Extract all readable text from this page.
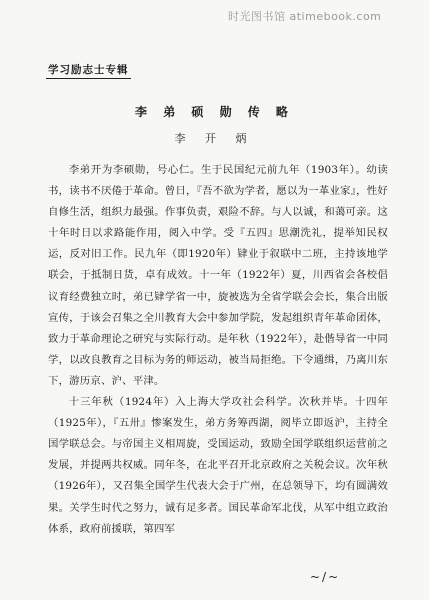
时光图书馆 atimebook.com
学习励志士专辑
李 弟 硕 勋 传 略
李 开 炳

李弟开为李硕勋，号心仁。生于民国纪元前九年（1903年）。幼读书，读书不厌倦于革命。曾日，『吾不欲为学者，愿以为一革业家』，性好自修生活，组织力最强。作事负责，艰险不辞。与人以诚，和蔼可亲。这十年时日以求路能作用，阅入中学。受『五四』思潮洗礼，提举知民权运，反对旧工作。民九年（即1920年）肄业于叙联中二班，主持该地学联会，于抵制日货，卓有成效。十一年（1922年）夏，川西省会各校倡议育经费独立时，弟已肄学省一中，旋被选为全省学联会会长，集合出版宣传，于该会召集之全川教育大会中参加学院，发起组织青年革命团体，致力于革命理论之研究与实际行动。是年秋（1922年），赴偕导省一中同学，以改良教育之目标为务的师运动，被当局拒绝。下令通缉，乃离川东下，游历京、沪、平津。

十三年秋（1924年）入上海大学攻社会科学。次秋并毕。十四年（1925年），『五卅』惨案发生，弟方务筹西湖，阅毕立即返沪，主持全国学联总会。与帝国主义相周旋，受国运动，致励全国学联组织运营前之发展，并提两共权威。同年冬，在北平召开北京政府之关税会议。次年秋（1926年），又召集全国学生代表大会于广州，在总领导下，均有圆满效果。关学生时代之努力，诚有足多者。国民革命军北伐，从军中组立政治体系，政府前援联，第四军

~/~
